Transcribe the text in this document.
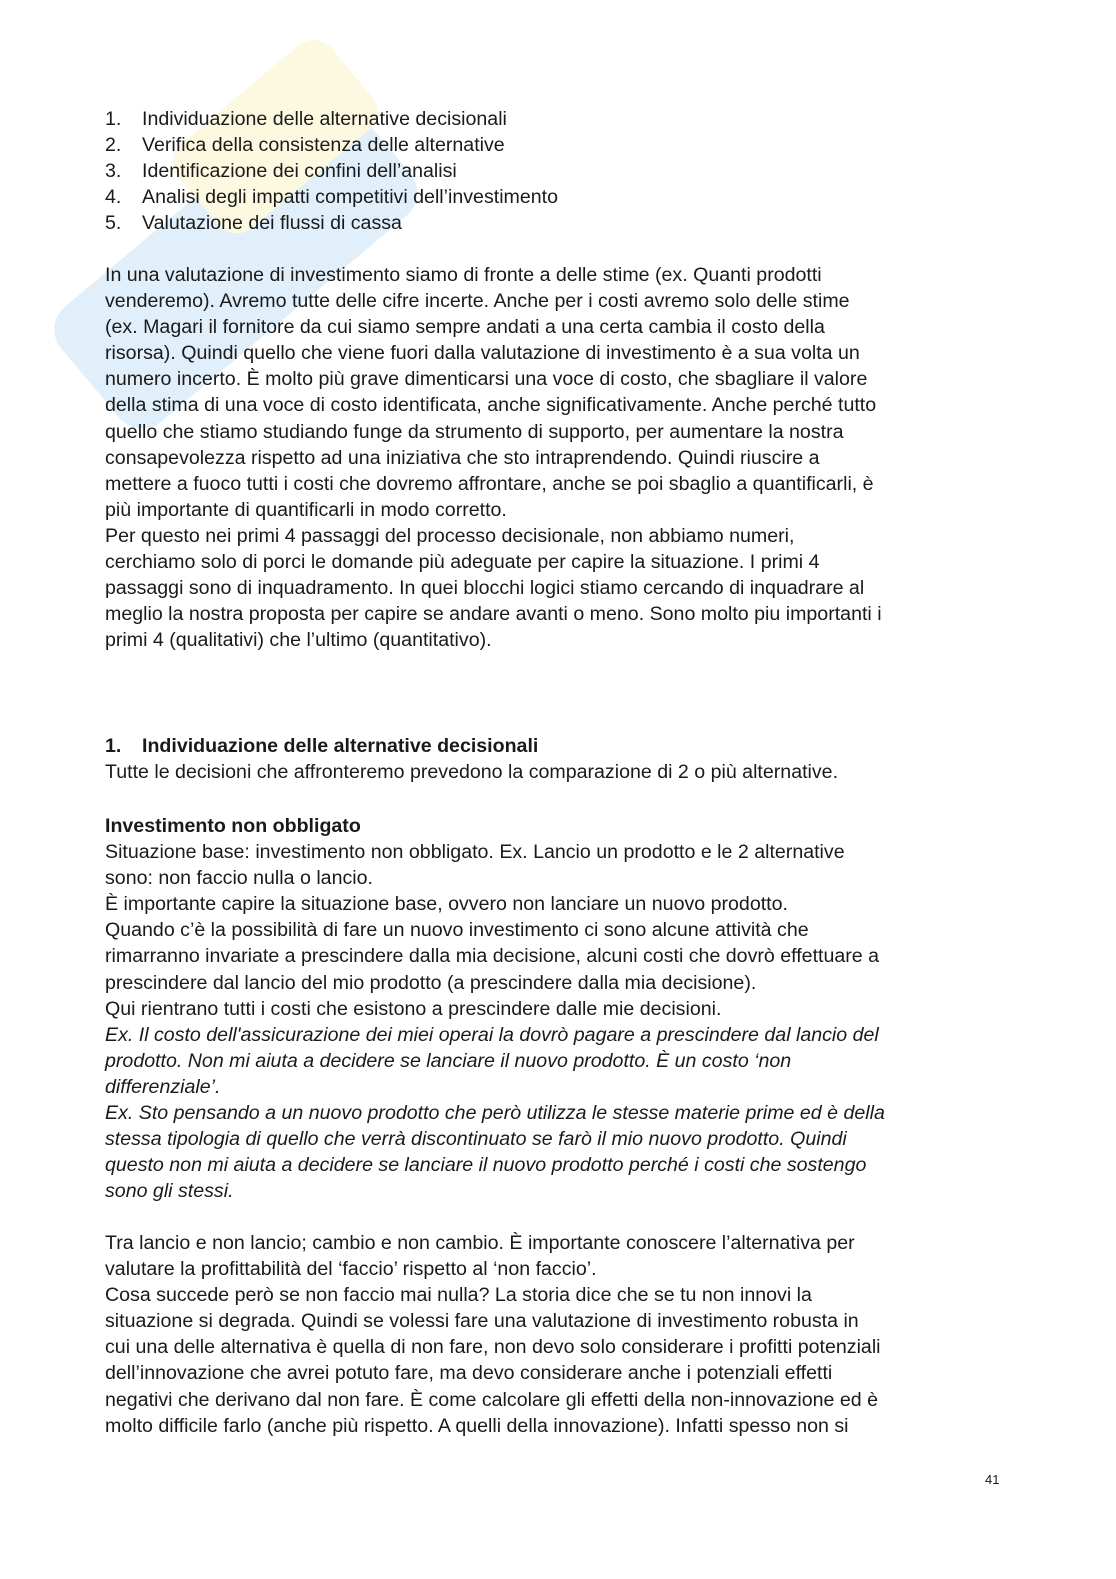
1.	Individuazione delle alternative decisionali
2.	Verifica della consistenza delle alternative
3.	Identificazione dei confini dell’analisi
4.	Analisi degli impatti competitivi dell’investimento
5.	Valutazione dei flussi di cassa
In una valutazione di investimento siamo di fronte a delle stime (ex. Quanti prodotti
venderemo). Avremo tutte delle cifre incerte. Anche per i costi avremo solo delle stime
(ex. Magari il fornitore da cui siamo sempre andati a una certa cambia il costo della
risorsa). Quindi quello che viene fuori dalla valutazione di investimento è a sua volta un
numero incerto. È molto più grave dimenticarsi una voce di costo, che sbagliare il valore
della stima di una voce di costo identificata, anche significativamente. Anche perché tutto
quello che stiamo studiando funge da strumento di supporto, per aumentare la nostra
consapevolezza rispetto ad una iniziativa che sto intraprendendo. Quindi riuscire a
mettere a fuoco tutti i costi che dovremo affrontare, anche se poi sbaglio a quantificarli, è
più importante di quantificarli in modo corretto.
Per questo nei primi 4 passaggi del processo decisionale, non abbiamo numeri,
cerchiamo solo di porci le domande più adeguate per capire la situazione. I primi 4
passaggi sono di inquadramento. In quei blocchi logici stiamo cercando di inquadrare al
meglio la nostra proposta per capire se andare avanti o meno. Sono molto piu importanti i
primi 4 (qualitativi) che l’ultimo (quantitativo).
1.	Individuazione delle alternative decisionali
Tutte le decisioni che affronteremo prevedono la comparazione di 2 o più alternative.
Investimento non obbligato
Situazione base: investimento non obbligato. Ex. Lancio un prodotto e le 2 alternative
sono: non faccio nulla o lancio.
È importante capire la situazione base, ovvero non lanciare un nuovo prodotto.
Quando c’è la possibilità di fare un nuovo investimento ci sono alcune attività che
rimarranno invariate a prescindere dalla mia decisione, alcuni costi che dovrò effettuare a
prescindere dal lancio del mio prodotto (a prescindere dalla mia decisione).
Qui rientrano tutti i costi che esistono a prescindere dalle mie decisioni.
Ex. Il costo dell'assicurazione dei miei operai la dovrò pagare a prescindere dal lancio del
prodotto. Non mi aiuta a decidere se lanciare il nuovo prodotto. È un costo ‘non
differenziale’.
Ex. Sto pensando a un nuovo prodotto che però utilizza le stesse materie prime ed è della
stessa tipologia di quello che verrà discontinuato se farò il mio nuovo prodotto. Quindi
questo non mi aiuta a decidere se lanciare il nuovo prodotto perché i costi che sostengo
sono gli stessi.
Tra lancio e non lancio; cambio e non cambio. È importante conoscere l’alternativa per
valutare la profittabilità del ‘faccio’ rispetto al ‘non faccio’.
Cosa succede però se non faccio mai nulla? La storia dice che se tu non innovi la
situazione si degrada. Quindi se volessi fare una valutazione di investimento robusta in
cui una delle alternativa è quella di non fare, non devo solo considerare i profitti potenziali
dell’innovazione che avrei potuto fare, ma devo considerare anche i potenziali effetti
negativi che derivano dal non fare. È come calcolare gli effetti della non-innovazione ed è
molto difficile farlo (anche più rispetto. A quelli della innovazione). Infatti spesso non si
41
